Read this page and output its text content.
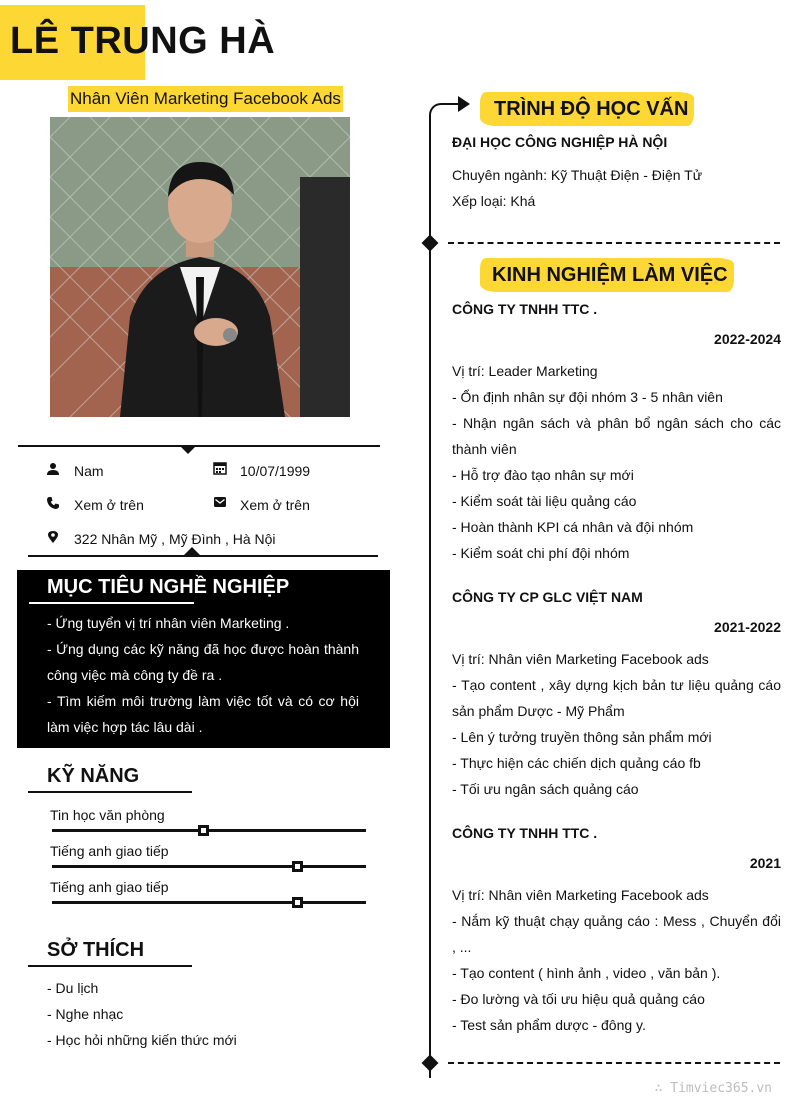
LÊ TRUNG HÀ
Nhân Viên Marketing Facebook Ads
Nam	10/07/1999
Xem ở trên	Xem ở trên
322 Nhân Mỹ , Mỹ Đình , Hà Nội
MỤC TIÊU NGHỀ NGHIỆP

- Ứng tuyển vị trí nhân viên Marketing .

- Ứng dụng các kỹ năng đã học được hoàn thành công việc mà công ty đề ra .

- Tìm kiếm môi trường làm việc tốt và có cơ hội làm việc hợp tác lâu dài .

KỸ NĂNG
Tin học văn phòng
Tiếng anh giao tiếp
Tiếng anh giao tiếp
SỞ THÍCH
- Du lịch
- Nghe nhạc
- Học hỏi những kiến thức mới
TRÌNH ĐỘ HỌC VẤN
ĐẠI HỌC CÔNG NGHIỆP HÀ NỘI
Chuyên ngành: Kỹ Thuật Điện - Điện Tử
Xếp loại: Khá
KINH NGHIỆM LÀM VIỆC
CÔNG TY TNHH TTC .
2022-2024

Vị trí: Leader Marketing

- Ổn định nhân sự đội nhóm 3 - 5 nhân viên

- Nhận ngân sách và phân bổ ngân sách cho các thành viên

- Hỗ trợ đào tạo nhân sự mới

- Kiểm soát tài liệu quảng cáo

- Hoàn thành KPI cá nhân và đội nhóm

- Kiểm soát chi phí đội nhóm

CÔNG TY CP GLC VIỆT NAM
2021-2022

Vị trí: Nhân viên Marketing Facebook ads

- Tạo content , xây dựng kịch bản tư liệu quảng cáo sản phẩm Dược - Mỹ Phẩm

- Lên ý tưởng truyền thông sản phẩm mới

- Thực hiện các chiến dịch quảng cáo fb

- Tối ưu ngân sách quảng cáo

CÔNG TY TNHH TTC .
2021

Vị trí: Nhân viên Marketing Facebook ads

- Nắm kỹ thuật chạy quảng cáo : Mess , Chuyển đổi , ...

- Tạo content ( hình ảnh , video , văn bản ).

- Đo lường và tối ưu hiệu quả quảng cáo

- Test sản phẩm dược - đông y.

∴ Timviec365.vn
